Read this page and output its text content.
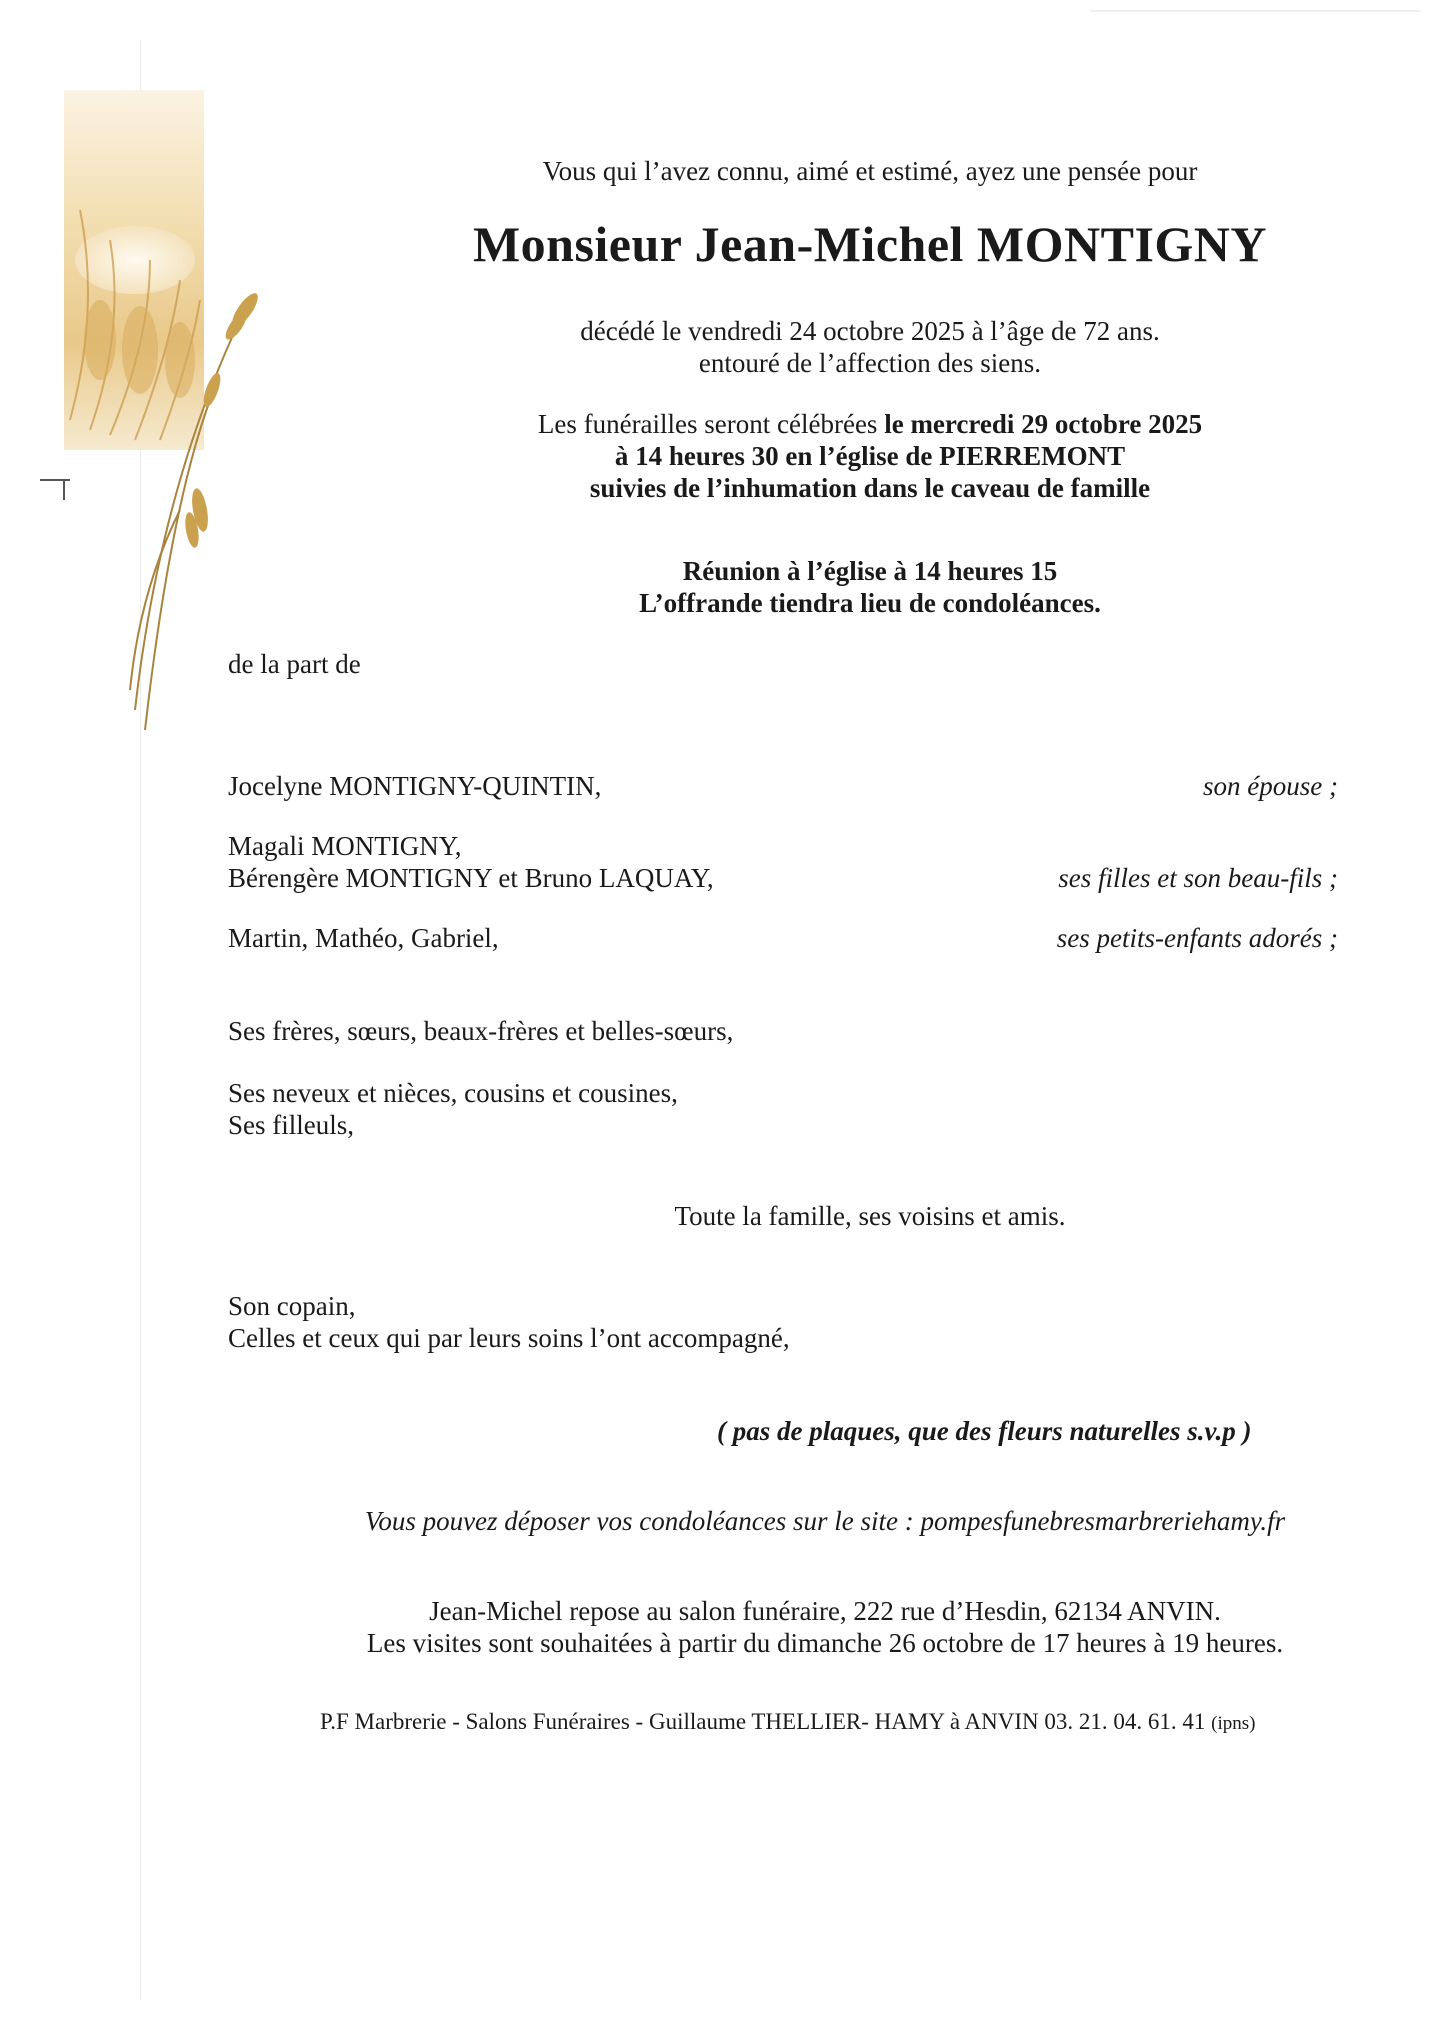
Vous qui l’avez connu, aimé et estimé, ayez une pensée pour
Monsieur Jean-Michel MONTIGNY
décédé le vendredi 24 octobre 2025 à l’âge de 72 ans.
entouré de l’affection des siens.
Les funérailles seront célébrées le mercredi 29 octobre 2025
à 14 heures 30 en l’église de PIERREMONT
suivies de l’inhumation dans le caveau de famille
Réunion à l’église à 14 heures 15
L’offrande tiendra lieu de condoléances.
de la part de
Jocelyne MONTIGNY-QUINTIN,	son épouse ;
Magali MONTIGNY,
Bérengère MONTIGNY et Bruno LAQUAY,	ses filles et son beau-fils ;
Martin, Mathéo, Gabriel,	ses petits-enfants adorés ;
Ses frères, sœurs, beaux-frères et belles-sœurs,
Ses neveux et nièces, cousins et cousines,
Ses filleuls,
Toute la famille, ses voisins et amis.
Son copain,
Celles et ceux qui par leurs soins l’ont accompagné,
( pas de plaques, que des fleurs naturelles s.v.p )
Vous pouvez déposer vos condoléances sur le site : pompesfunebresmarbreriehamy.fr
Jean-Michel repose au salon funéraire, 222 rue d’Hesdin, 62134 ANVIN.
Les visites sont souhaitées à partir du dimanche 26 octobre de 17 heures à 19 heures.
P.F Marbrerie - Salons Funéraires - Guillaume THELLIER- HAMY à ANVIN 03. 21. 04. 61. 41 (ipns)
